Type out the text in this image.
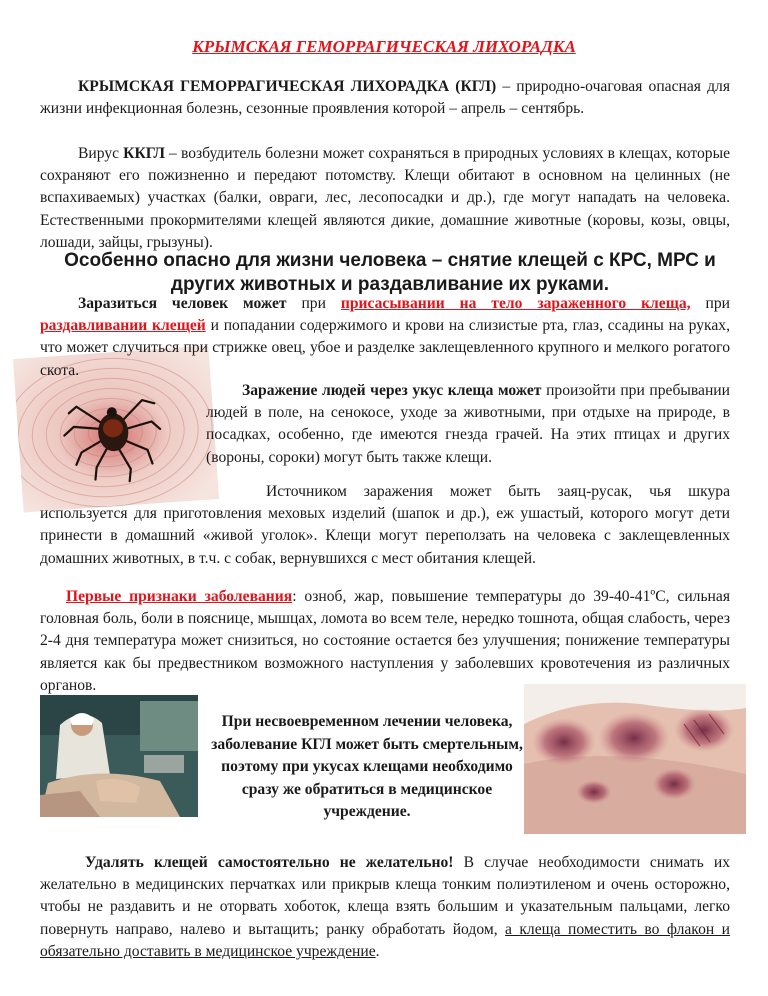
КРЫМСКАЯ ГЕМОРРАГИЧЕСКАЯ ЛИХОРАДКА

КРЫМСКАЯ ГЕМОРРАГИЧЕСКАЯ ЛИХОРАДКА (КГЛ) – природно-очаговая опасная для жизни инфекционная болезнь, сезонные проявления которой – апрель – сентябрь.

Вирус ККГЛ – возбудитель болезни может сохраняться в природных условиях в клещах, которые сохраняют его пожизненно и передают потомству. Клещи обитают в основном на целинных (не вспахиваемых) участках (балки, овраги, лес, лесопосадки и др.), где могут нападать на человека. Естественными прокормителями клещей являются дикие, домашние животные (коровы, козы, овцы, лошади, зайцы, грызуны).

Особенно опасно для жизни человека – снятие клещей с КРС, МРС и других животных и раздавливание их руками.

Заразиться человек может при присасывании на тело зараженного клеща, при раздавливании клещей и попадании содержимого и крови на слизистые рта, глаз, ссадины на руках, что может случиться при стрижке овец, убое и разделке заклещевленного крупного и мелкого рогатого скота.

Заражение людей через укус клеща может произойти при пребывании людей в поле, на сенокосе, уходе за животными, при отдыхе на природе, в посадках, особенно, где имеются гнезда грачей. На этих птицах и других (вороны, сороки) могут быть также клещи.

Источником заражения может быть заяц-русак, чья шкура используется для приготовления меховых изделий (шапок и др.), еж ушастый, которого могут дети принести в домашний «живой уголок». Клещи могут переползать на человека с заклещевленных домашних животных, в т.ч. с собак, вернувшихся с мест обитания клещей.

Первые признаки заболевания: озноб, жар, повышение температуры до 39-40-41ºС, сильная головная боль, боли в пояснице, мышцах, ломота во всем теле, нередко тошнота, общая слабость, через 2-4 дня температура может снизиться, но состояние остается без улучшения; понижение температуры является как бы предвестником возможного наступления у заболевших кровотечения из различных органов.

При несвоевременном лечении человека, заболевание КГЛ может быть смертельным, поэтому при укусах клещами необходимо сразу же обратиться в медицинское учреждение.

Удалять клещей самостоятельно не желательно! В случае необходимости снимать их желательно в медицинских перчатках или прикрыв клеща тонким полиэтиленом и очень осторожно, чтобы не раздавить и не оторвать хоботок, клеща взять большим и указательным пальцами, легко повернуть направо, налево и вытащить; ранку обработать йодом, а клеща поместить во флакон и обязательно доставить в медицинское учреждение.
